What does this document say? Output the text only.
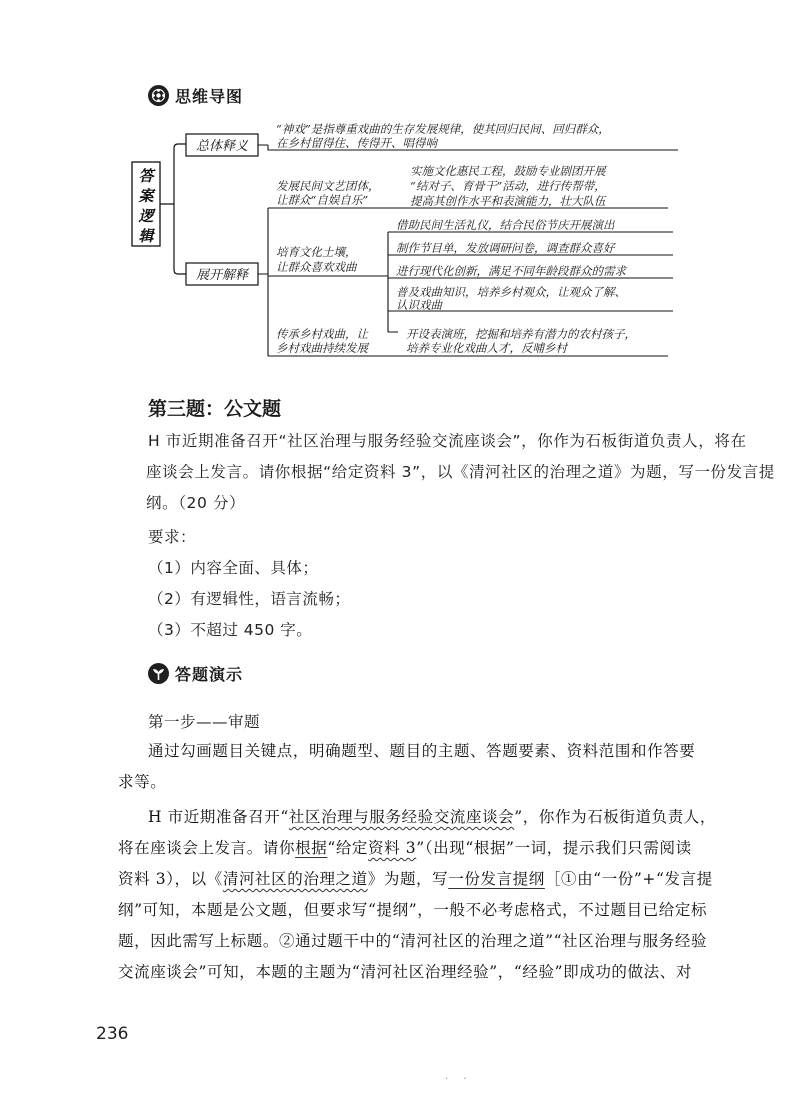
思维导图
答
案
逻
辑
总体释义
“神戏”是指尊重戏曲的生存发展规律，使其回归民间、回归群众，
在乡村留得住、传得开、唱得响
展开解释
发展民间文艺团体，
让群众“自娱自乐”
实施文化惠民工程，鼓励专业剧团开展
“结对子、育骨干”活动，进行传帮带，
提高其创作水平和表演能力，壮大队伍
培育文化土壤，
让群众喜欢戏曲
借助民间生活礼仪，结合民俗节庆开展演出
制作节目单，发放调研问卷，调查群众喜好
进行现代化创新，满足不同年龄段群众的需求
普及戏曲知识，培养乡村观众，让观众了解、
认识戏曲
传承乡村戏曲，让
乡村戏曲持续发展
开设表演班，挖掘和培养有潜力的农村孩子，
培养专业化戏曲人才，反哺乡村
第三题：公文题
H 市近期准备召开“社区治理与服务经验交流座谈会”，你作为石板街道负责人，将在
座谈会上发言。请你根据“给定资料 3”，以《清河社区的治理之道》为题，写一份发言提
纲。（20 分）
要求：
（1）内容全面、具体；
（2）有逻辑性，语言流畅；
（3）不超过 450 字。
答题演示
第一步——审题
通过勾画题目关键点，明确题型、题目的主题、答题要素、资料范围和作答要
求等。
H 市近期准备召开“社区治理与服务经验交流座谈会”，你作为石板街道负责人，
将在座谈会上发言。请你根据“给定资料 3”（出现“根据”一词，提示我们只需阅读
资料 3），以《清河社区的治理之道》为题，写一份发言提纲［①由“一份”+“发言提
纲”可知，本题是公文题，但要求写“提纲”，一般不必考虑格式，不过题目已给定标
题，因此需写上标题。②通过题干中的“清河社区的治理之道”“社区治理与服务经验
交流座谈会”可知，本题的主题为“清河社区治理经验”，“经验”即成功的做法、对
236
· ·
